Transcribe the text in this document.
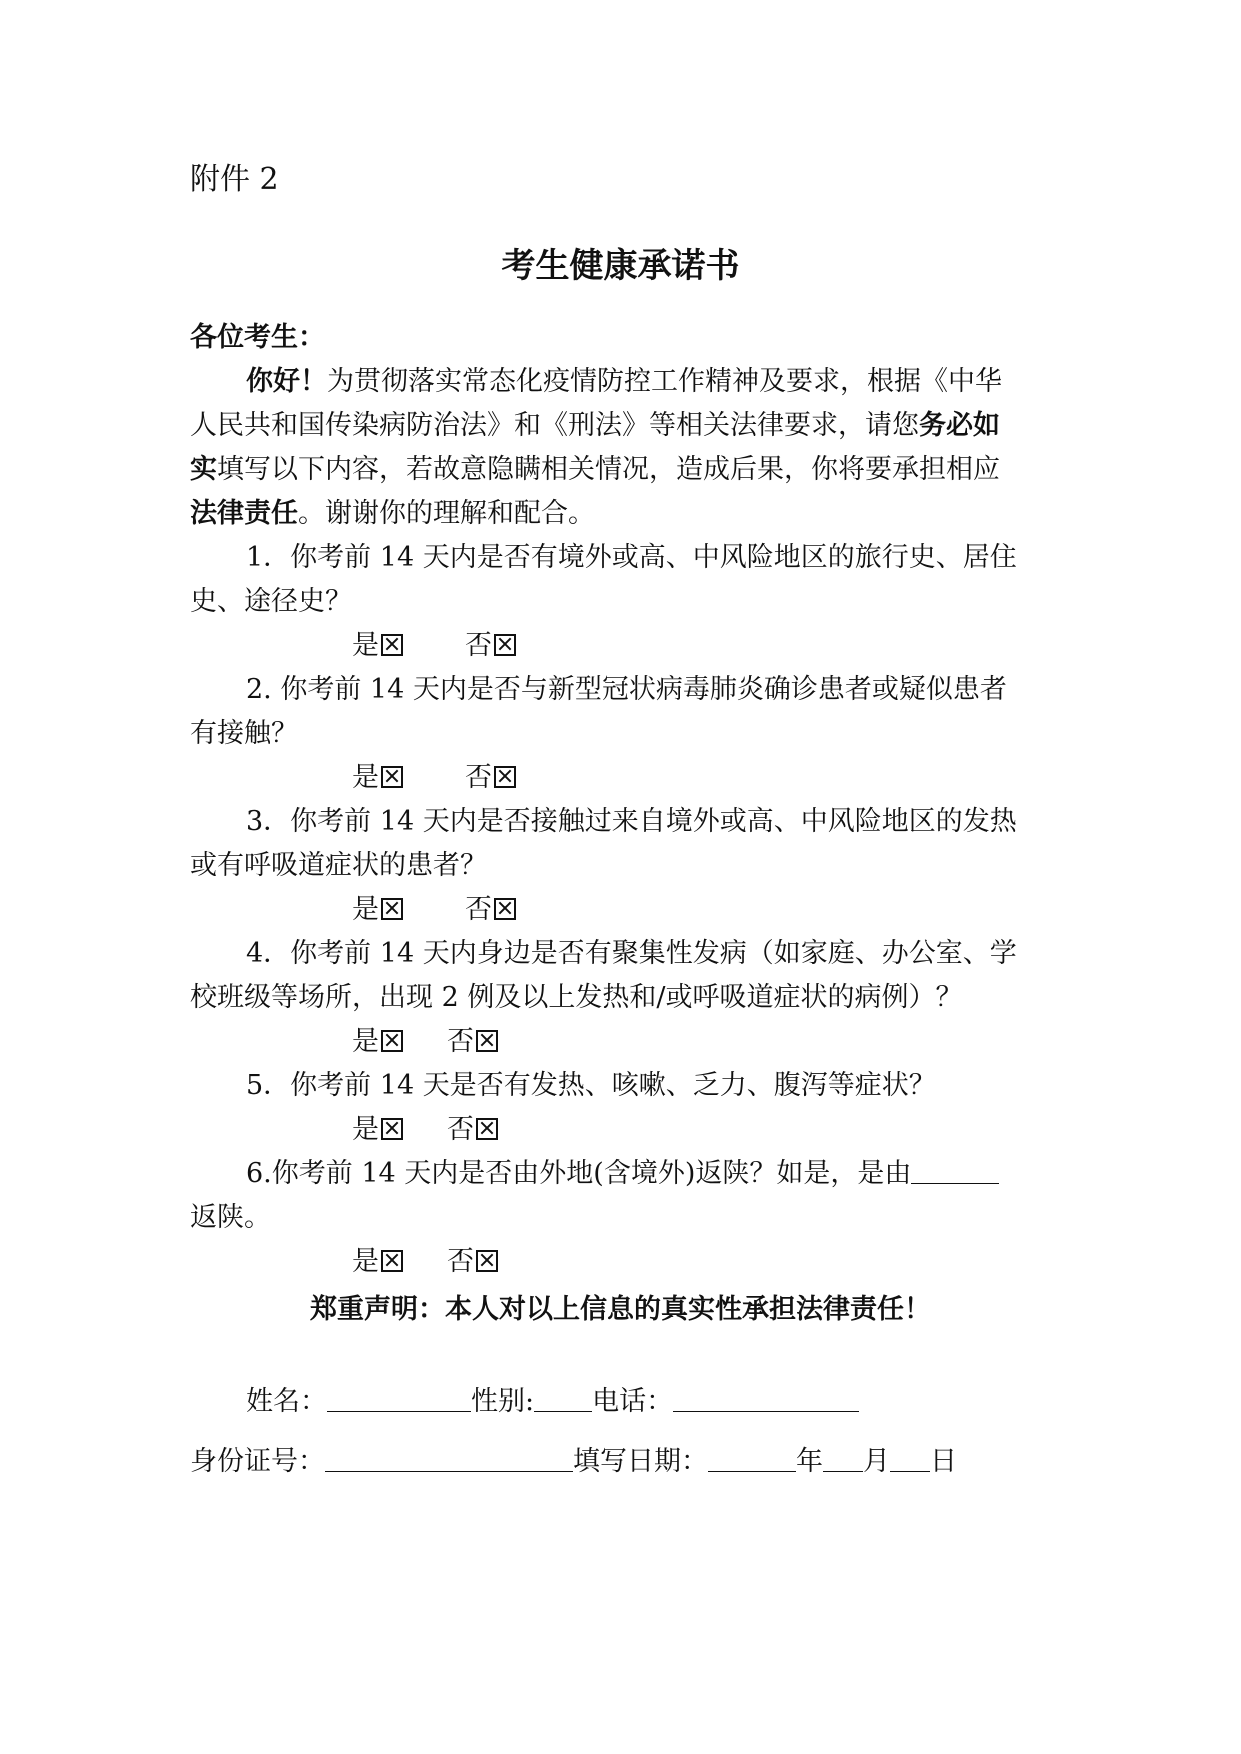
附件 2
考生健康承诺书
各位考生：
你好！为贯彻落实常态化疫情防控工作精神及要求，根据《中华
人民共和国传染病防治法》和《刑法》等相关法律要求，请您务必如
实填写以下内容，若故意隐瞒相关情况，造成后果，你将要承担相应
法律责任。谢谢你的理解和配合。
1．你考前 14 天内是否有境外或高、中风险地区的旅行史、居住
史、途径史？
是	否
2. 你考前 14 天内是否与新型冠状病毒肺炎确诊患者或疑似患者
有接触？
是	否
3．你考前 14 天内是否接触过来自境外或高、中风险地区的发热
或有呼吸道症状的患者？
是	否
4．你考前 14 天内身边是否有聚集性发病（如家庭、办公室、学
校班级等场所，出现 2 例及以上发热和/或呼吸道症状的病例）？
是	否
5．你考前 14 天是否有发热、咳嗽、乏力、腹泻等症状？
是	否
6.你考前 14 天内是否由外地(含境外)返陕？如是，是由
返陕。
是	否
郑重声明：本人对以上信息的真实性承担法律责任！
姓名：	性别: 电话：
身份证号：	填写日期：	年 月 日
